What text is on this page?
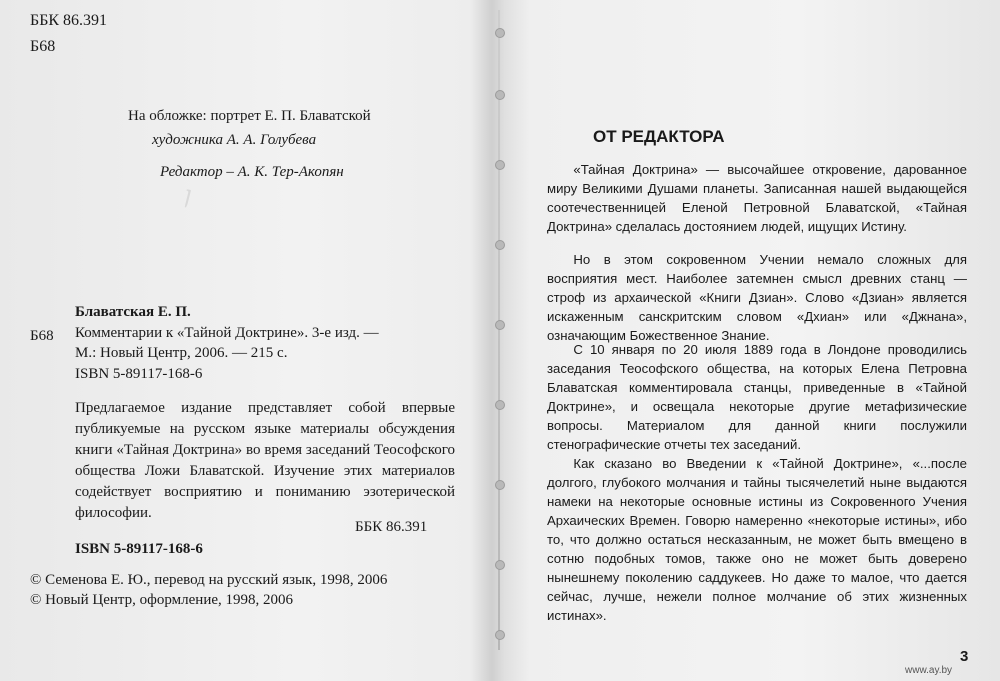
ᅵ
ББК 86.391
Б68
На обложке: портрет Е. П. Блаватской
художника А. А. Голубева
Редактор – А. К. Тер-Акопян
Блаватская Е. П.
Б68 Комментарии к «Тайной Доктрине». 3-е изд. —
М.: Новый Центр, 2006. — 215 с.
ISBN 5-89117-168-6
Предлагаемое издание представляет собой впервые публикуемые на русском языке материалы обсуждения книги «Тайная Доктрина» во время заседаний Теософского общества Ложи Блаватской. Изучение этих материалов содействует восприятию и пониманию эзотерической философии.
ББК 86.391
ISBN 5-89117-168-6
© Семенова Е. Ю., перевод на русский язык, 1998, 2006
© Новый Центр, оформление, 1998, 2006
ОТ РЕДАКТОРА
«Тайная Доктрина» — высочайшее откровение, дарованное миру Великими Душами планеты. Записанная нашей выдающейся соотечественницей Еленой Петровной Блаватской, «Тайная Доктрина» сделалась достоянием людей, ищущих Истину.
Но в этом сокровенном Учении немало сложных для восприятия мест. Наиболее затемнен смысл древних станц — строф из архаической «Книги Дзиан». Слово «Дзиан» является искаженным санскритским словом «Дхиан» или «Джнана», означающим Божественное Знание.
С 10 января по 20 июля 1889 года в Лондоне проводились заседания Теософского общества, на которых Елена Петровна Блаватская комментировала станцы, приведенные в «Тайной Доктрине», и освещала некоторые другие метафизические вопросы. Материалом для данной книги послужили стенографические отчеты тех заседаний.
Как сказано во Введении к «Тайной Доктрине», «...после долгого, глубокого молчания и тайны тысячелетий ныне выдаются намеки на некоторые основные истины из Сокровенного Учения Архаических Времен. Говорю намеренно «некоторые истины», ибо то, что должно остаться несказанным, не может быть вмещено в сотню подобных томов, также оно не может быть доверено нынешнему поколению саддукеев. Но даже то малое, что дается сейчас, лучше, нежели полное молчание об этих жизненных истинах».
3
www.ay.by
